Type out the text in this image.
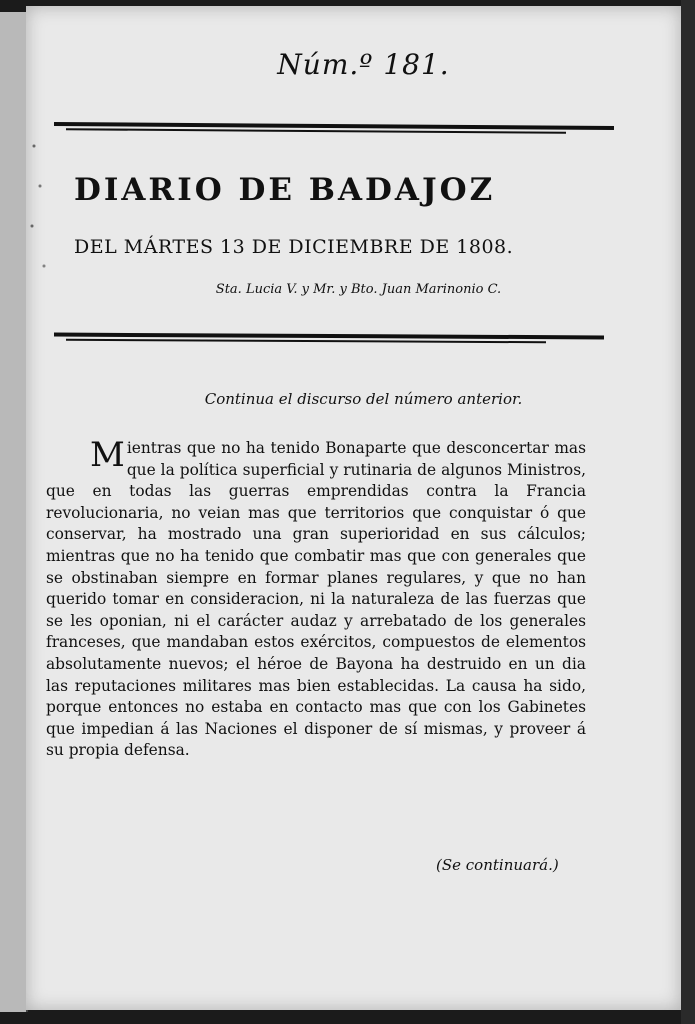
Núm.º 181.
DIARIO DE BADAJOZ
DEL MÁRTES 13 DE DICIEMBRE DE 1808.
Sta. Lucia V. y Mr. y Bto. Juan Marinonio C.
Continua el discurso del número anterior.
M ientras que no ha tenido Bonaparte que desconcertar mas que la política superficial y rutinaria de algunos Ministros, que en todas las guerras emprendidas contra la Francia revolucionaria, no veian mas que territorios que conquistar ó que conservar, ha mostrado una gran superioridad en sus cálculos; mientras que no ha tenido que combatir mas que con generales que se obstinaban siempre en formar planes regulares, y que no han querido tomar en consideracion, ni la naturaleza de las fuerzas que se les oponian, ni el carácter audaz y arrebatado de los generales franceses, que mandaban estos exércitos, compuestos de elementos absolutamente nuevos; el héroe de Bayona ha destruido en un dia las reputaciones militares mas bien establecidas. La causa ha sido, porque entonces no estaba en contacto mas que con los Gabinetes que impedian á las Naciones el disponer de sí mismas, y proveer á su propia defensa.

(Se continuará.)
